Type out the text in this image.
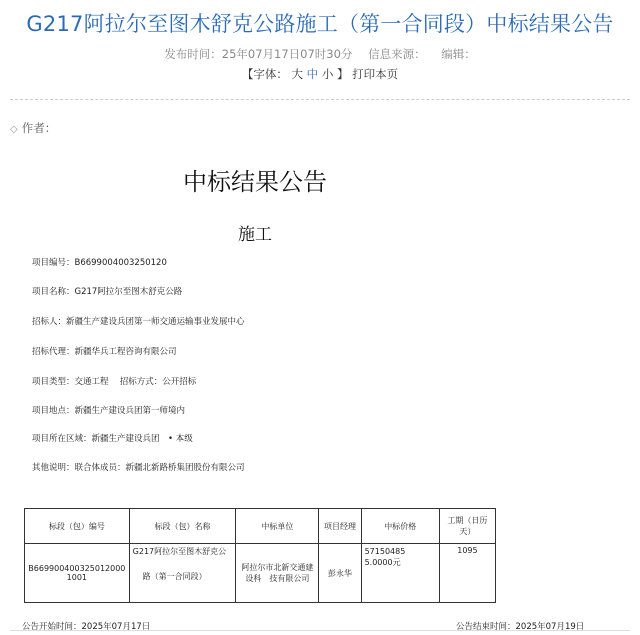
G217阿拉尔至图木舒克公路施工（第一合同段）中标结果公告
发布时间：25年07月17日07时30分 信息来源： 编辑：
【字体： 大 中 小 】 打印本页
◇ 作者：
中标结果公告
施工
项目编号：B66990040032501​20
项目名称：G217阿拉尔至图木舒克公路
招标人：新疆生产建设兵团第一师交通运输事业发展中心
招标代理：新疆华兵工程咨询有限公司
项目类型：交通工程　 招标方式：公开招标
项目地点：新疆生产建设兵团第一师境内
项目所在区域：新疆生产建设兵团　• 本级
其他说明：联合体成员：新疆北新路桥集团股份有限公司
标段（包）编号	标段（包）名称	中标单位	项目经理	中标价格	工期（日历天）
B66990040032501200​01001	G217阿拉尔至图木舒克公
路（第一合同段）	阿拉尔市北新交通建设科　技有限公司	彭永华	57150485　5.0000元	1095
公告开始时间：2025年07月17日	公告结束时间：2025年07月19日
